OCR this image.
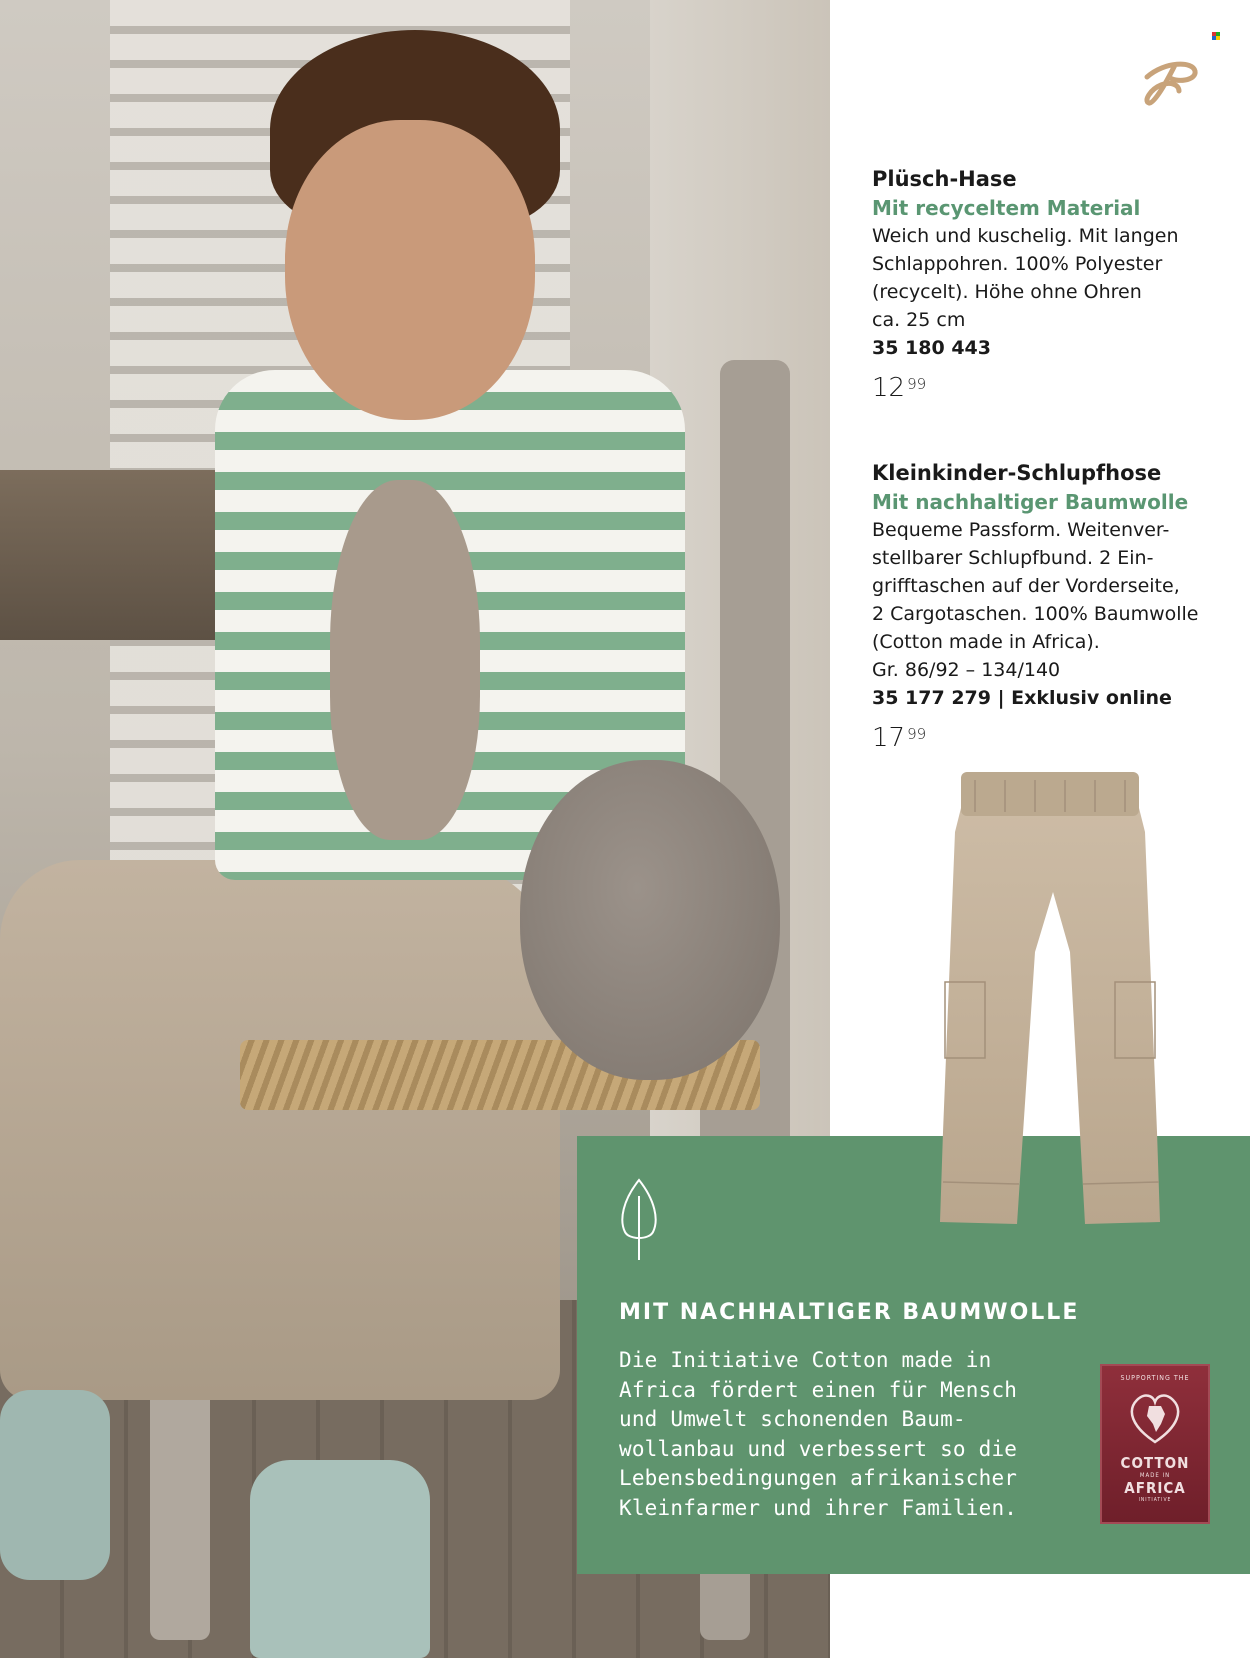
Plüsch-Hase
Mit recyceltem Material
Weich und kuschelig. Mit langen
Schlappohren. 100% Polyester
(recycelt). Höhe ohne Ohren
ca. 25 cm
35 180 443
12 $^{99}$
Kleinkinder-Schlupfhose
Mit nachhaltiger Baumwolle
Bequeme Passform. Weitenver-
stellbarer Schlupfbund. 2 Ein-
grifftaschen auf der Vorderseite,
2 Cargotaschen. 100% Baumwolle
(Cotton made in Africa).
Gr. 86/92 – 134/140
35 177 279 | Exklusiv online
17 $^{99}$
MIT NACHHALTIGER BAUMWOLLE
Die Initiative Cotton made in
Africa fördert einen für Mensch
und Umwelt schonenden Baum-
wollanbau und verbessert so die
Lebensbedingungen afrikanischer
Kleinfarmer und ihrer Familien.
SUPPORTING THE
COTTON
MADE IN
AFRICA
INITIATIVE
